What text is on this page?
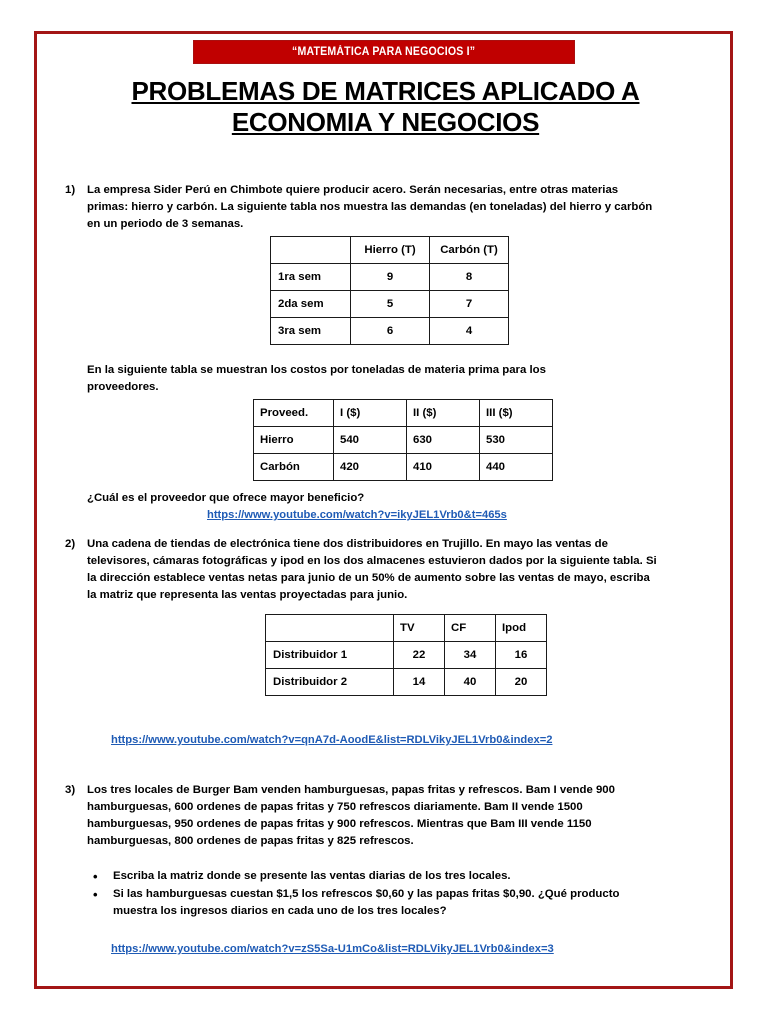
“MATEMÁTICA PARA NEGOCIOS I”
PROBLEMAS DE MATRICES APLICADO A
ECONOMIA Y NEGOCIOS
1)	La empresa Sider Perú en Chimbote quiere producir acero. Serán necesarias, entre otras materias primas: hierro y carbón. La siguiente tabla nos muestra las demandas (en toneladas) del hierro y carbón en un periodo de 3 semanas.
	Hierro (T)	Carbón (T)
1ra sem	9	8
2da sem	5	7
3ra sem	6	4
En la siguiente tabla se muestran los costos por toneladas de materia prima para los proveedores.
Proveed.	I ($)	II ($)	III ($)
Hierro	540	630	530
Carbón	420	410	440
¿Cuál es el proveedor que ofrece mayor beneficio?
https://www.youtube.com/watch?v=ikyJEL1Vrb0&t=465s
2)	Una cadena de tiendas de electrónica tiene dos distribuidores en Trujillo. En mayo las ventas de televisores, cámaras fotográficas y ipod en los dos almacenes estuvieron dados por la siguiente tabla. Si la dirección establece ventas netas para junio de un 50% de aumento sobre las ventas de mayo, escriba la matriz que representa las ventas proyectadas para junio.
	TV	CF	Ipod
Distribuidor 1	22	34	16
Distribuidor 2	14	40	20
https://www.youtube.com/watch?v=qnA7d-AoodE&list=RDLVikyJEL1Vrb0&index=2
3)	Los tres locales de Burger Bam venden hamburguesas, papas fritas y refrescos. Bam I vende 900 hamburguesas, 600 ordenes de papas fritas y 750 refrescos diariamente. Bam II vende 1500 hamburguesas, 950 ordenes de papas fritas y 900 refrescos. Mientras que Bam III vende 1150 hamburguesas, 800 ordenes de papas fritas y 825 refrescos.
• Escriba la matriz donde se presente las ventas diarias de los tres locales.
• Si las hamburguesas cuestan $1,5 los refrescos $0,60 y las papas fritas $0,90. ¿Qué producto muestra los ingresos diarios en cada uno de los tres locales?
https://www.youtube.com/watch?v=zS5Sa-U1mCo&list=RDLVikyJEL1Vrb0&index=3
